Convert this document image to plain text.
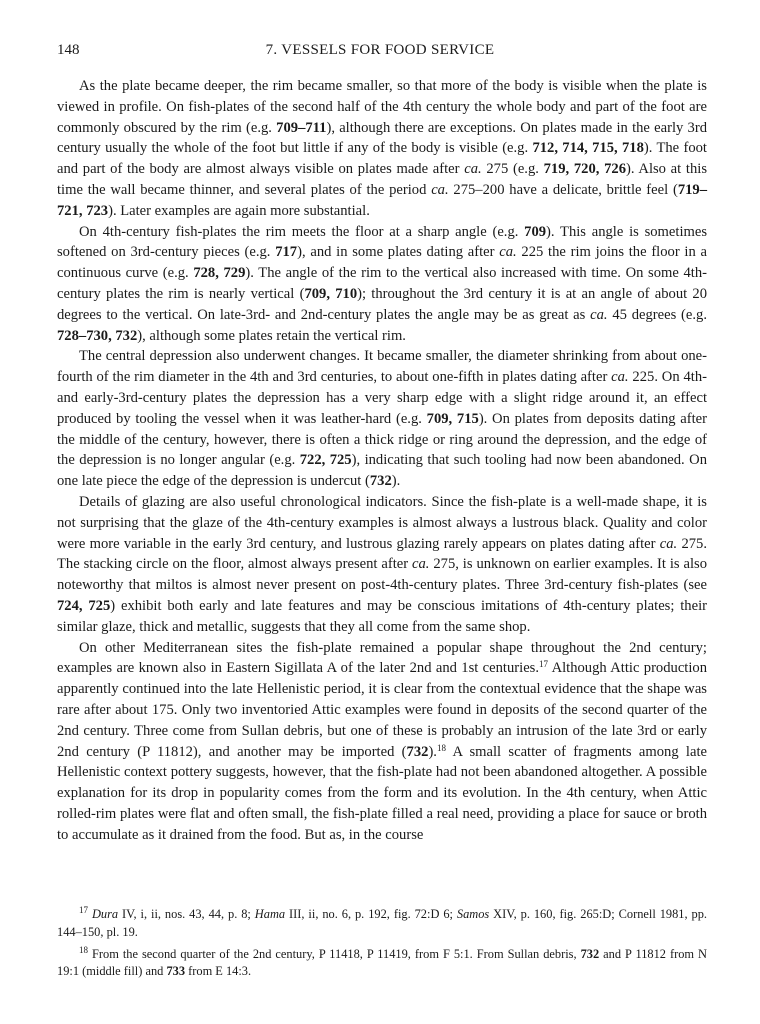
148	7. VESSELS FOR FOOD SERVICE

As the plate became deeper, the rim became smaller, so that more of the body is visible when the plate is viewed in profile. On fish-plates of the second half of the 4th century the whole body and part of the foot are commonly obscured by the rim (e.g. 709–711), although there are exceptions. On plates made in the early 3rd century usually the whole of the foot but little if any of the body is visible (e.g. 712, 714, 715, 718). The foot and part of the body are almost always visible on plates made after ca. 275 (e.g. 719, 720, 726). Also at this time the wall became thinner, and several plates of the period ca. 275–200 have a delicate, brittle feel (719–721, 723). Later examples are again more substantial.

On 4th-century fish-plates the rim meets the floor at a sharp angle (e.g. 709). This angle is sometimes softened on 3rd-century pieces (e.g. 717), and in some plates dating after ca. 225 the rim joins the floor in a continuous curve (e.g. 728, 729). The angle of the rim to the vertical also increased with time. On some 4th-century plates the rim is nearly vertical (709, 710); throughout the 3rd century it is at an angle of about 20 degrees to the vertical. On late-3rd- and 2nd-century plates the angle may be as great as ca. 45 degrees (e.g. 728–730, 732), although some plates retain the vertical rim.

The central depression also underwent changes. It became smaller, the diameter shrinking from about one-fourth of the rim diameter in the 4th and 3rd centuries, to about one-fifth in plates dating after ca. 225. On 4th- and early-3rd-century plates the depression has a very sharp edge with a slight ridge around it, an effect produced by tooling the vessel when it was leather-hard (e.g. 709, 715). On plates from deposits dating after the middle of the century, however, there is often a thick ridge or ring around the depression, and the edge of the depression is no longer angular (e.g. 722, 725), indicating that such tooling had now been abandoned. On one late piece the edge of the depression is undercut (732).

Details of glazing are also useful chronological indicators. Since the fish-plate is a well-made shape, it is not surprising that the glaze of the 4th-century examples is almost always a lustrous black. Quality and color were more variable in the early 3rd century, and lustrous glazing rarely appears on plates dating after ca. 275. The stacking circle on the floor, almost always present after ca. 275, is unknown on earlier examples. It is also noteworthy that miltos is almost never present on post-4th-century plates. Three 3rd-century fish-plates (see 724, 725) exhibit both early and late features and may be conscious imitations of 4th-century plates; their similar glaze, thick and metallic, suggests that they all come from the same shop.

On other Mediterranean sites the fish-plate remained a popular shape throughout the 2nd century; examples are known also in Eastern Sigillata A of the later 2nd and 1st centuries.$^{17}$ Although Attic production apparently continued into the late Hellenistic period, it is clear from the contextual evidence that the shape was rare after about 175. Only two inventoried Attic examples were found in deposits of the second quarter of the 2nd century. Three come from Sullan debris, but one of these is probably an intrusion of the late 3rd or early 2nd century (P 11812), and another may be imported (732).$^{18}$ A small scatter of fragments among late Hellenistic context pottery suggests, however, that the fish-plate had not been abandoned altogether. A possible explanation for its drop in popularity comes from the form and its evolution. In the 4th century, when Attic rolled-rim plates were flat and often small, the fish-plate filled a real need, providing a place for sauce or broth to accumulate as it drained from the food. But as, in the course

$^{17}$ Dura IV, i, ii, nos. 43, 44, p. 8; Hama III, ii, no. 6, p. 192, fig. 72:D 6; Samos XIV, p. 160, fig. 265:D; Cornell 1981, pp. 144–150, pl. 19.

$^{18}$ From the second quarter of the 2nd century, P 11418, P 11419, from F 5:1. From Sullan debris, 732 and P 11812 from N 19:1 (middle fill) and 733 from E 14:3.
